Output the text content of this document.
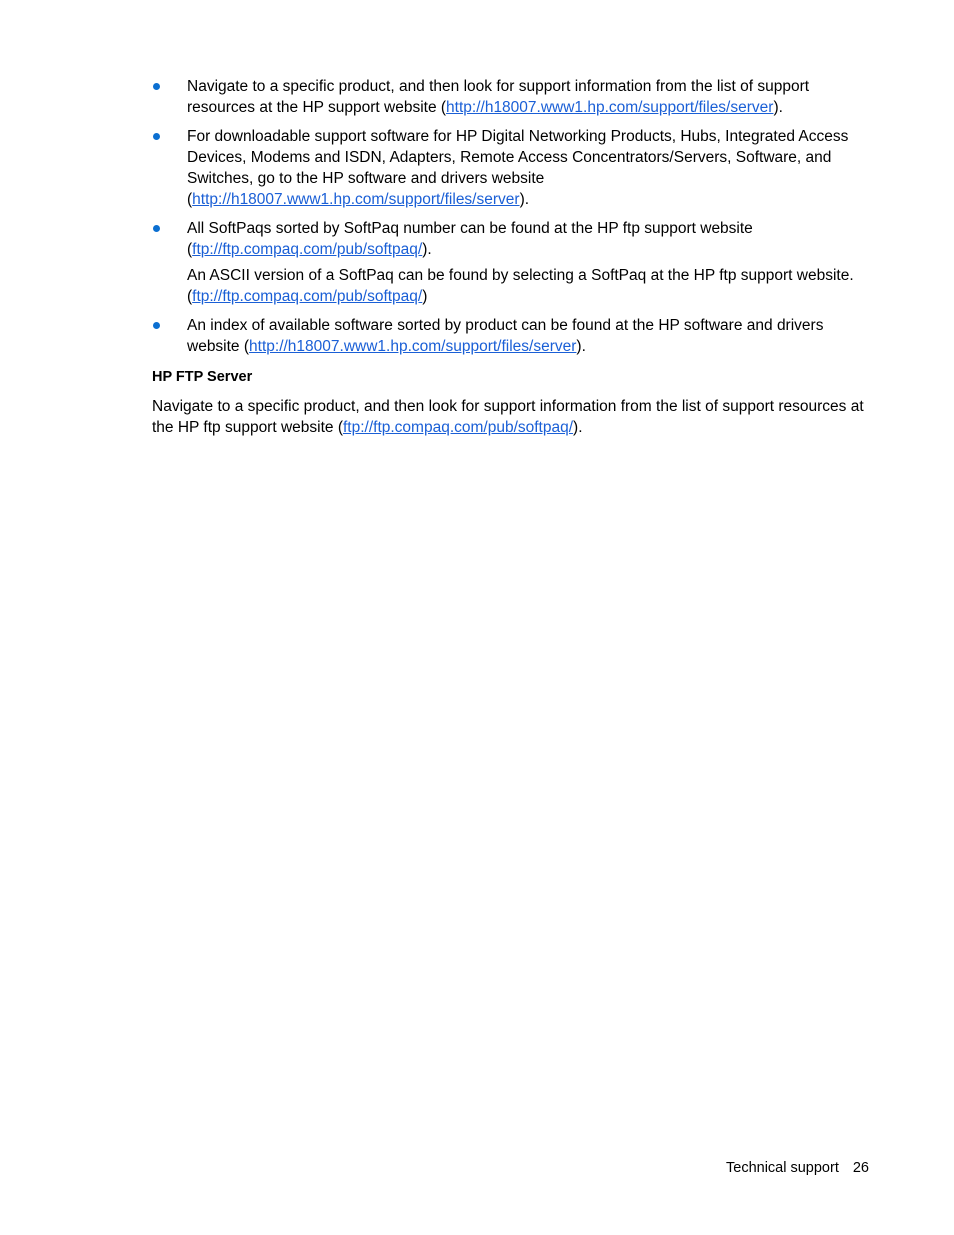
Navigate to a specific product, and then look for support information from the list of support resources at the HP support website (http://h18007.www1.hp.com/support/files/server).

For downloadable support software for HP Digital Networking Products, Hubs, Integrated Access Devices, Modems and ISDN, Adapters, Remote Access Concentrators/Servers, Software, and Switches, go to the HP software and drivers website (http://h18007.www1.hp.com/support/files/server).

All SoftPaqs sorted by SoftPaq number can be found at the HP ftp support website (ftp://ftp.compaq.com/pub/softpaq/).

An ASCII version of a SoftPaq can be found by selecting a SoftPaq at the HP ftp support website. (ftp://ftp.compaq.com/pub/softpaq/)

An index of available software sorted by product can be found at the HP software and drivers website (http://h18007.www1.hp.com/support/files/server).

HP FTP Server

Navigate to a specific product, and then look for support information from the list of support resources at the HP ftp support website (ftp://ftp.compaq.com/pub/softpaq/).

Technical support 26
